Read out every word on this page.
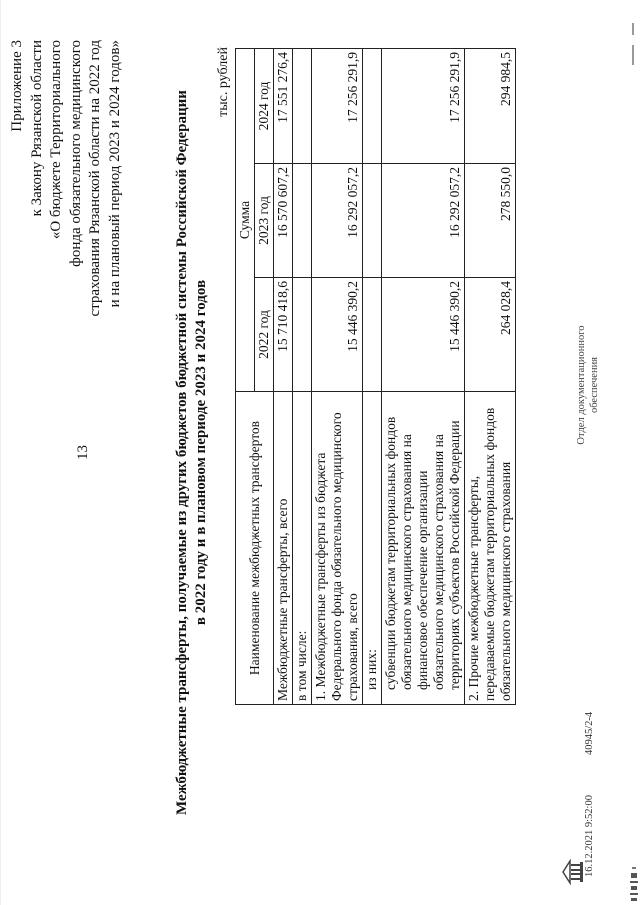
13
Приложение 3 к Закону Рязанской области «О бюджете Территориального фонда обязательного медицинского страхования Рязанской области на 2022 год и на плановый период 2023 и 2024 годов»	Межбюджетные трансферты, получаемые из других бюджетов бюджетной системы Российской Федерации в 2022 году и в плановом периоде 2023 и 2024 годов
тыс. рублей
Наименование межбюджетных трансфертов	Сумма		
	2022 год	2023 год	2024 год
Межбюджетные трансферты, всего	15 710 418,6	16 570 607,2	17 551 276,4
в том числе:			
1. Межбюджетные трансферты из бюджета Федерального фонда обязательного медицинского страхования, всего	15 446 390,2	16 292 057,2	17 256 291,9
из них:			
субвенции бюджетам территориальных фондов обязательного медицинского страхования на финансовое обеспечение организации обязательного медицинского страхования на территориях субъектов Российской Федерации	15 446 390,2	16 292 057,2	17 256 291,9
2. Прочие межбюджетные трансферты, передаваемые бюджетам территориальных фондов обязательного медицинского страхования	264 028,4	278 550,0	294 984,5
16.12.2021 9:52:00
40945/2-4
Отдел документационного обеспечения
